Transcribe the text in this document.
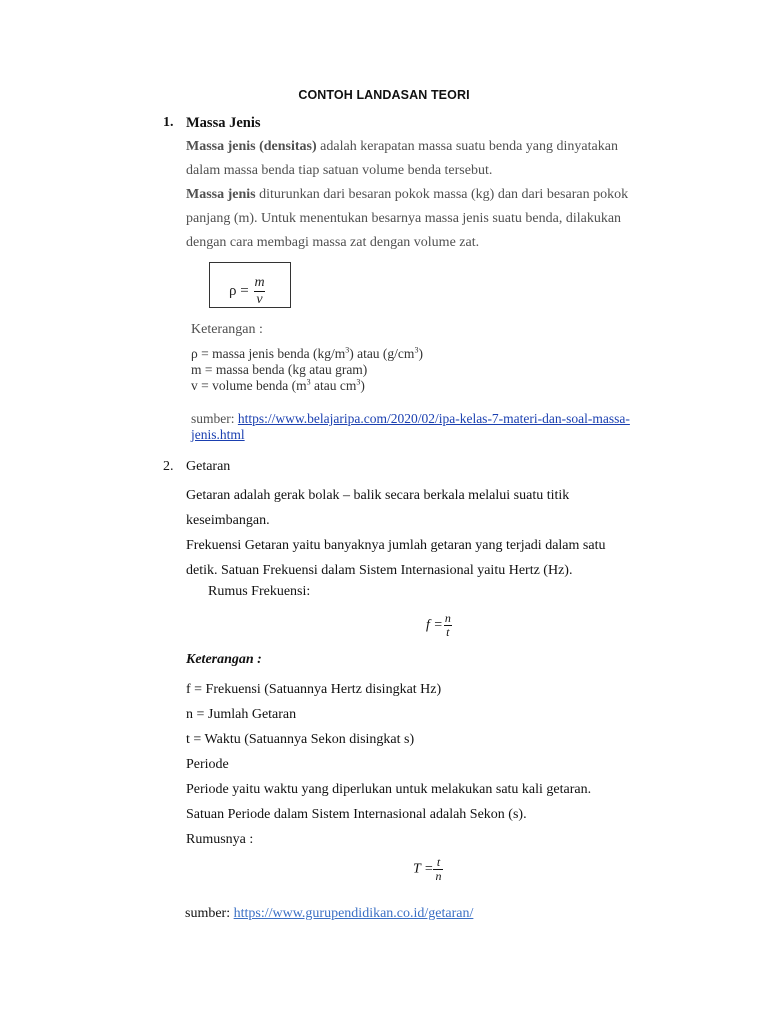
CONTOH LANDASAN TEORI
1. Massa Jenis
Massa jenis (densitas) adalah kerapatan massa suatu benda yang dinyatakan
dalam massa benda tiap satuan volume benda tersebut.
Massa jenis diturunkan dari besaran pokok massa (kg) dan dari besaran pokok
panjang (m). Untuk menentukan besarnya massa jenis suatu benda, dilakukan
dengan cara membagi massa zat dengan volume zat.
$\rho = \frac{m}{v}$
Keterangan :
ρ = massa jenis benda $(kg/m^3)$ atau $(g/cm^3)$
m = massa benda (kg atau gram)
v = volume benda ($m^3$ atau $cm^3$)
sumber: https://www.belajaripa.com/2020/02/ipa-kelas-7-materi-dan-soal-massa-
jenis.html
2. Getaran
Getaran adalah gerak bolak – balik secara berkala melalui suatu titik
keseimbangan.
Frekuensi Getaran yaitu banyaknya jumlah getaran yang terjadi dalam satu
detik. Satuan Frekuensi dalam Sistem Internasional yaitu Hertz (Hz).
Rumus Frekuensi:
$f = \frac{n}{t}$
Keterangan :
f = Frekuensi (Satuannya Hertz disingkat Hz)
n = Jumlah Getaran
t = Waktu (Satuannya Sekon disingkat s)
Periode
Periode yaitu waktu yang diperlukan untuk melakukan satu kali getaran.
Satuan Periode dalam Sistem Internasional adalah Sekon (s).
Rumusnya :
$T = \frac{t}{n}$
sumber: https://www.gurupendidikan.co.id/getaran/
